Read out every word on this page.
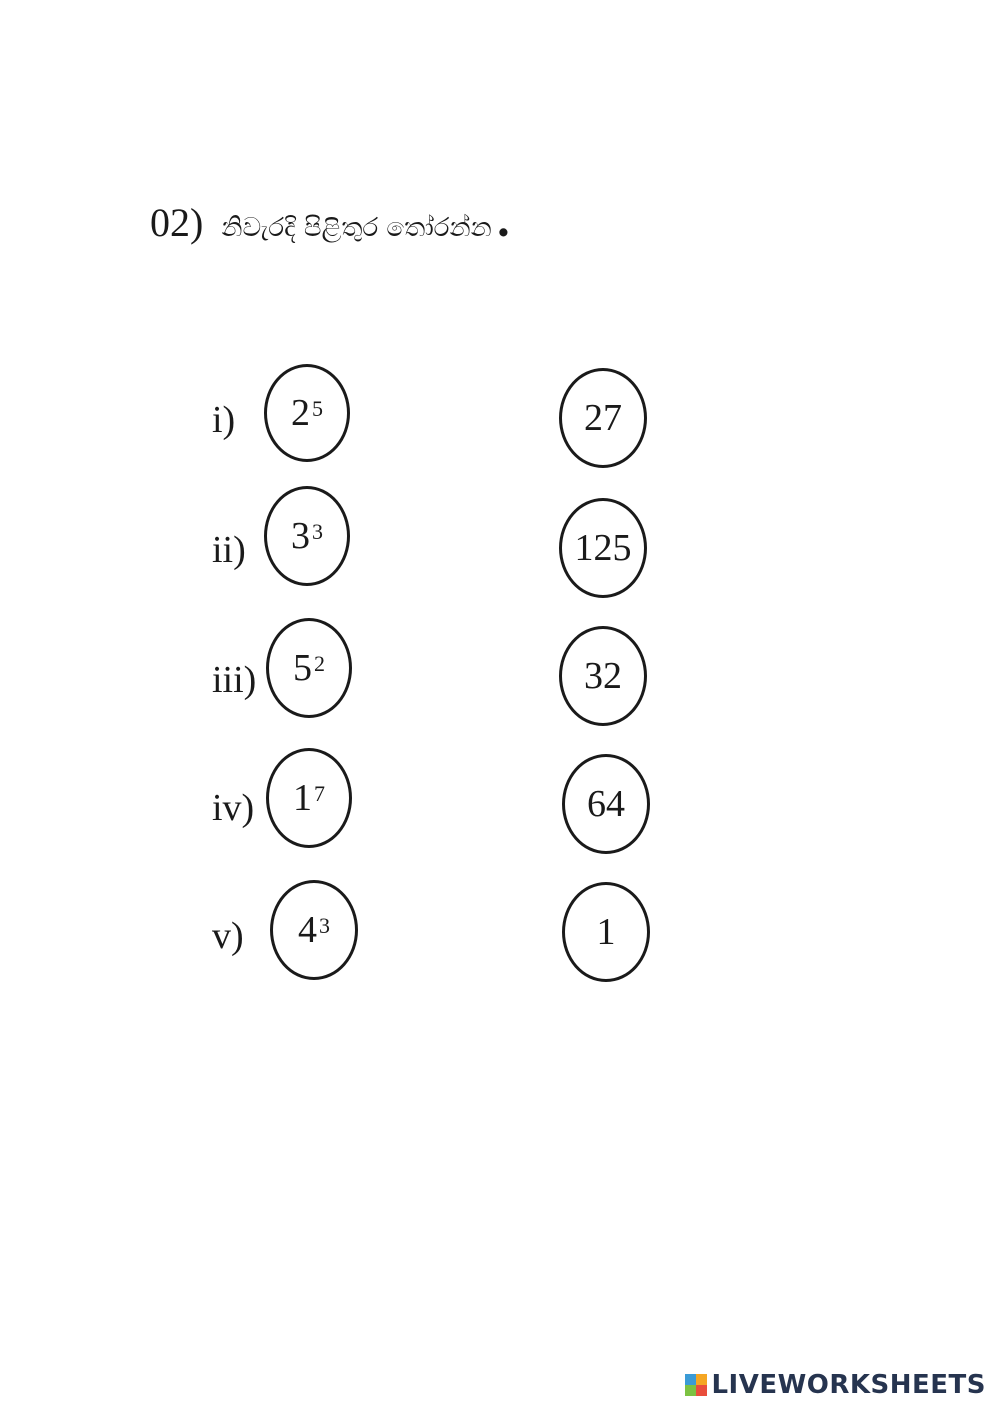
02) නිවැරදි පිළිතුර තෝරන්න .
i) $2^5$	27
ii) $3^3$	125
iii) $5^2$	32
iv) $1^7$	64
v) $4^3$	1
LIVEWORKSHEETS
